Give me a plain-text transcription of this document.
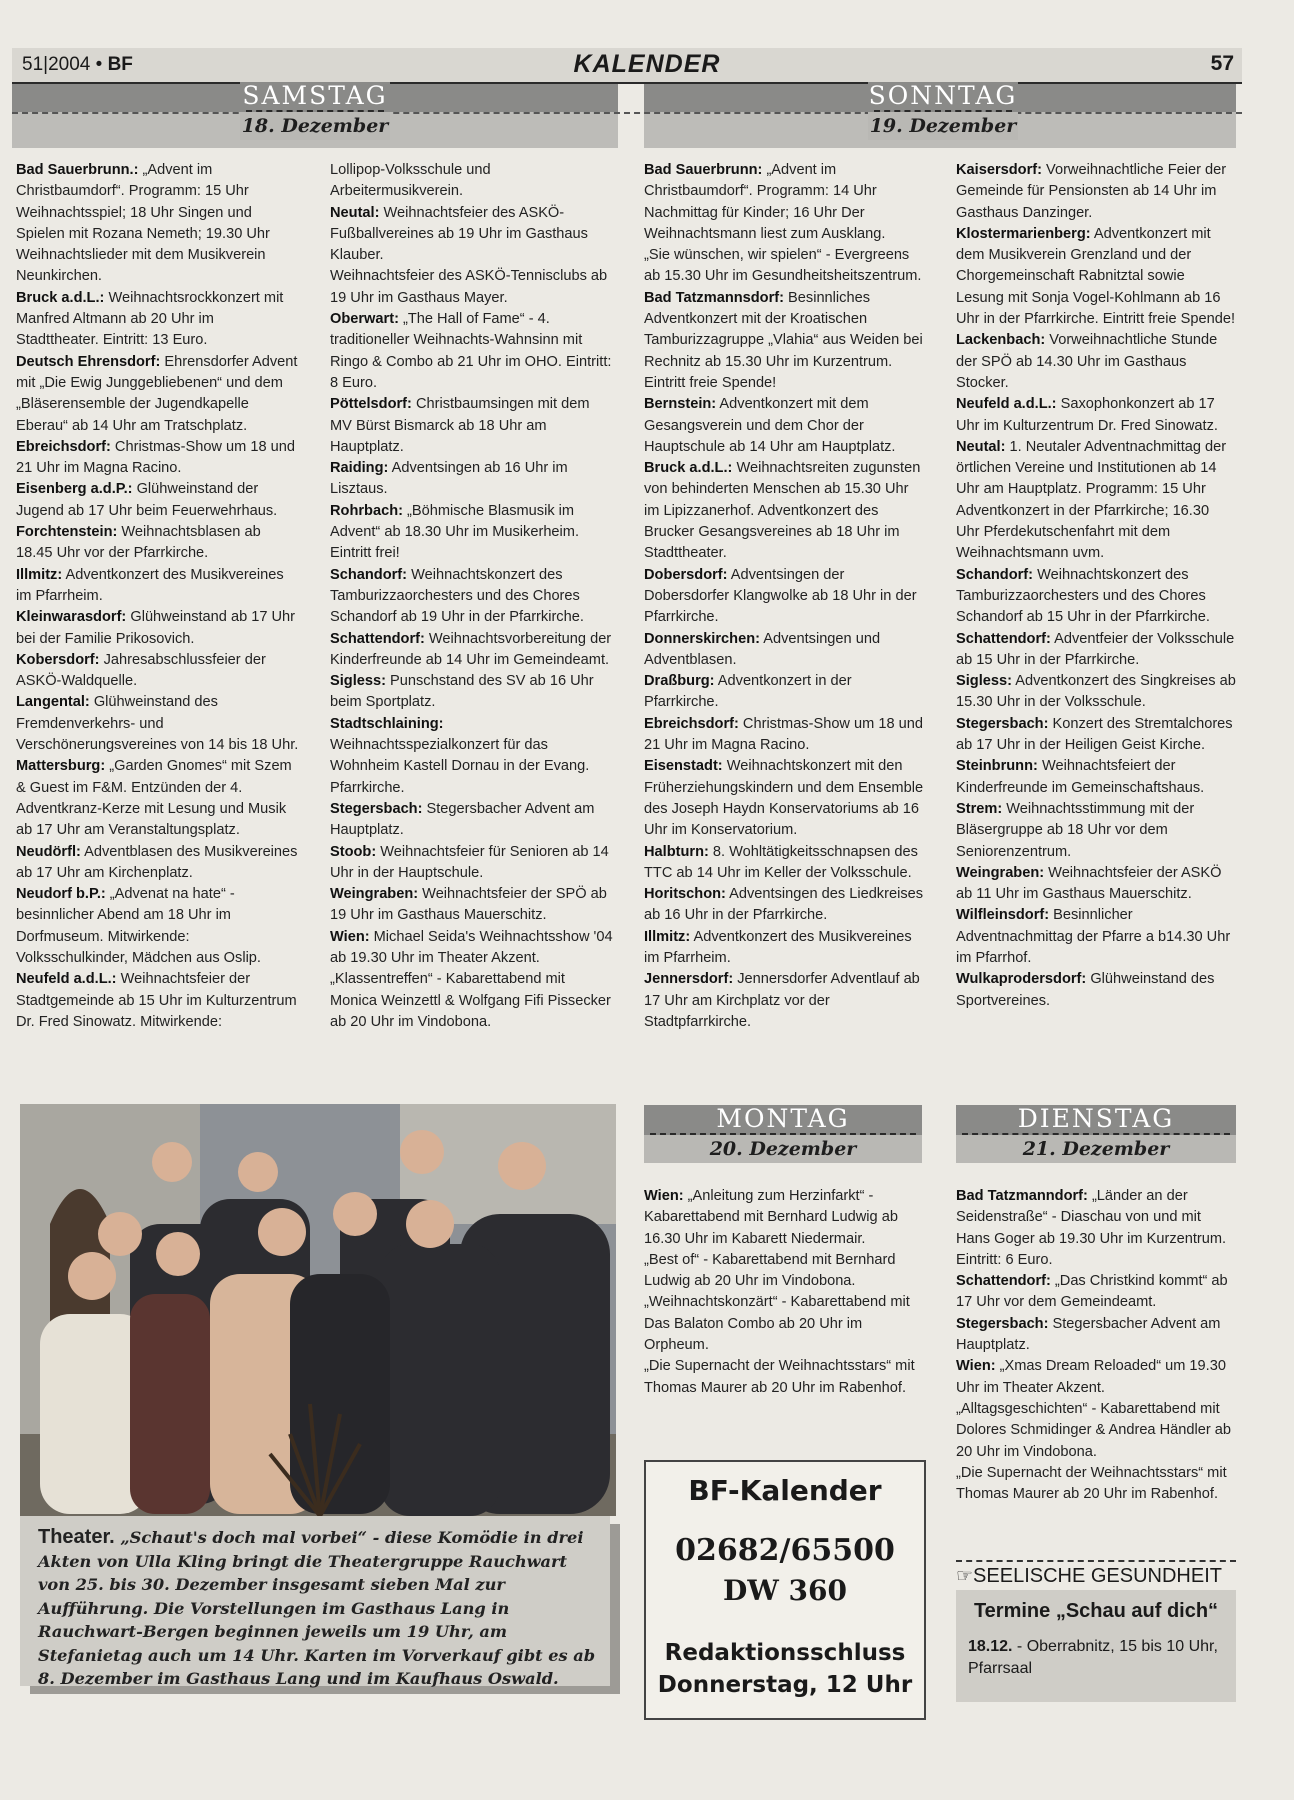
51|2004 • BF	KALENDER	57
SAMSTAG
18. Dezember
SONNTAG
19. Dezember
MONTAG
20. Dezember
DIENSTAG
21. Dezember

Bad Sauerbrunn.: „Advent im Christbaumdorf“. Programm: 15 Uhr Weihnachtsspiel; 18 Uhr Singen und Spielen mit Rozana Nemeth; 19.30 Uhr Weihnachtslieder mit dem Musikverein Neunkirchen.

Bruck a.d.L.: Weihnachtsrockkonzert mit Manfred Altmann ab 20 Uhr im Stadttheater. Eintritt: 13 Euro.

Deutsch Ehrensdorf: Ehrensdorfer Advent mit „Die Ewig Junggebliebenen“ und dem „Bläserensemble der Jugendkapelle Eberau“ ab 14 Uhr am Tratschplatz.

Ebreichsdorf: Christmas-Show um 18 und 21 Uhr im Magna Racino.

Eisenberg a.d.P.: Glühweinstand der Jugend ab 17 Uhr beim Feuerwehrhaus.

Forchtenstein: Weihnachtsblasen ab 18.45 Uhr vor der Pfarrkirche.

Illmitz: Adventkonzert des Musikvereines im Pfarrheim.

Kleinwarasdorf: Glühweinstand ab 17 Uhr bei der Familie Prikosovich.

Kobersdorf: Jahresabschlussfeier der ASKÖ-Waldquelle.

Langental: Glühweinstand des Fremdenverkehrs- und Verschönerungsvereines von 14 bis 18 Uhr.

Mattersburg: „Garden Gnomes“ mit Szem & Guest im F&M. Entzünden der 4. Adventkranz-Kerze mit Lesung und Musik ab 17 Uhr am Veranstaltungsplatz.

Neudörfl: Adventblasen des Musikvereines ab 17 Uhr am Kirchenplatz.

Neudorf b.P.: „Advenat na hate“ - besinnlicher Abend am 18 Uhr im Dorfmuseum. Mitwirkende: Volksschulkinder, Mädchen aus Oslip.

Neufeld a.d.L.: Weihnachtsfeier der Stadtgemeinde ab 15 Uhr im Kulturzentrum Dr. Fred Sinowatz. Mitwirkende:

Lollipop-Volksschule und Arbeitermusikverein.

Neutal: Weihnachtsfeier des ASKÖ-Fußballvereines ab 19 Uhr im Gasthaus Klauber.

Weihnachtsfeier des ASKÖ-Tennisclubs ab 19 Uhr im Gasthaus Mayer.

Oberwart: „The Hall of Fame“ - 4. traditioneller Weihnachts-Wahnsinn mit Ringo & Combo ab 21 Uhr im OHO. Eintritt: 8 Euro.

Pöttelsdorf: Christbaumsingen mit dem MV Bürst Bismarck ab 18 Uhr am Hauptplatz.

Raiding: Adventsingen ab 16 Uhr im Lisztaus.

Rohrbach: „Böhmische Blasmusik im Advent“ ab 18.30 Uhr im Musikerheim. Eintritt frei!

Schandorf: Weihnachtskonzert des Tamburizzaorchesters und des Chores Schandorf ab 19 Uhr in der Pfarrkirche.

Schattendorf: Weihnachtsvorbereitung der Kinderfreunde ab 14 Uhr im Gemeindeamt.

Sigless: Punschstand des SV ab 16 Uhr beim Sportplatz.

Stadtschlaining: Weihnachtsspezialkonzert für das Wohnheim Kastell Dornau in der Evang. Pfarrkirche.

Stegersbach: Stegersbacher Advent am Hauptplatz.

Stoob: Weihnachtsfeier für Senioren ab 14 Uhr in der Hauptschule.

Weingraben: Weihnachtsfeier der SPÖ ab 19 Uhr im Gasthaus Mauerschitz.

Wien: Michael Seida's Weihnachtsshow '04 ab 19.30 Uhr im Theater Akzent.

„Klassentreffen“ - Kabarettabend mit Monica Weinzettl & Wolfgang Fifi Pissecker ab 20 Uhr im Vindobona.

Bad Sauerbrunn: „Advent im Christbaumdorf“. Programm: 14 Uhr Nachmittag für Kinder; 16 Uhr Der Weihnachtsmann liest zum Ausklang.

„Sie wünschen, wir spielen“ - Evergreens ab 15.30 Uhr im Gesundheitsheitszentrum.

Bad Tatzmannsdorf: Besinnliches Adventkonzert mit der Kroatischen Tamburizzagruppe „Vlahia“ aus Weiden bei Rechnitz ab 15.30 Uhr im Kurzentrum. Eintritt freie Spende!

Bernstein: Adventkonzert mit dem Gesangsverein und dem Chor der Hauptschule ab 14 Uhr am Hauptplatz.

Bruck a.d.L.: Weihnachtsreiten zugunsten von behinderten Menschen ab 15.30 Uhr im Lipizzanerhof. Adventkonzert des Brucker Gesangsvereines ab 18 Uhr im Stadttheater.

Dobersdorf: Adventsingen der Dobersdorfer Klangwolke ab 18 Uhr in der Pfarrkirche.

Donnerskirchen: Adventsingen und Adventblasen.

Draßburg: Adventkonzert in der Pfarrkirche.

Ebreichsdorf: Christmas-Show um 18 und 21 Uhr im Magna Racino.

Eisenstadt: Weihnachtskonzert mit den Früherziehungskindern und dem Ensemble des Joseph Haydn Konservatoriums ab 16 Uhr im Konservatorium.

Halbturn: 8. Wohltätigkeitsschnapsen des TTC ab 14 Uhr im Keller der Volksschule.

Horitschon: Adventsingen des Liedkreises ab 16 Uhr in der Pfarrkirche.

Illmitz: Adventkonzert des Musikvereines im Pfarrheim.

Jennersdorf: Jennersdorfer Adventlauf ab 17 Uhr am Kirchplatz vor der Stadtpfarrkirche.

Kaisersdorf: Vorweihnachtliche Feier der Gemeinde für Pensionsten ab 14 Uhr im Gasthaus Danzinger.

Klostermarienberg: Adventkonzert mit dem Musikverein Grenzland und der Chorgemeinschaft Rabnitztal sowie Lesung mit Sonja Vogel-Kohlmann ab 16 Uhr in der Pfarrkirche. Eintritt freie Spende!

Lackenbach: Vorweihnachtliche Stunde der SPÖ ab 14.30 Uhr im Gasthaus Stocker.

Neufeld a.d.L.: Saxophonkonzert ab 17 Uhr im Kulturzentrum Dr. Fred Sinowatz.

Neutal: 1. Neutaler Adventnachmittag der örtlichen Vereine und Institutionen ab 14 Uhr am Hauptplatz. Programm: 15 Uhr Adventkonzert in der Pfarrkirche; 16.30 Uhr Pferdekutschenfahrt mit dem Weihnachtsmann uvm.

Schandorf: Weihnachtskonzert des Tamburizzaorchesters und des Chores Schandorf ab 15 Uhr in der Pfarrkirche.

Schattendorf: Adventfeier der Volksschule ab 15 Uhr in der Pfarrkirche.

Sigless: Adventkonzert des Singkreises ab 15.30 Uhr in der Volksschule.

Stegersbach: Konzert des Stremtalchores ab 17 Uhr in der Heiligen Geist Kirche.

Steinbrunn: Weihnachtsfeiert der Kinderfreunde im Gemeinschaftshaus.

Strem: Weihnachtsstimmung mit der Bläsergruppe ab 18 Uhr vor dem Seniorenzentrum.

Weingraben: Weihnachtsfeier der ASKÖ ab 11 Uhr im Gasthaus Mauerschitz.

Wilfleinsdorf: Besinnlicher Adventnachmittag der Pfarre a b14.30 Uhr im Pfarrhof.

Wulkaprodersdorf: Glühweinstand des Sportvereines.

Wien: „Anleitung zum Herzinfarkt“ - Kabarettabend mit Bernhard Ludwig ab 16.30 Uhr im Kabarett Niedermair.

„Best of“ - Kabarettabend mit Bernhard Ludwig ab 20 Uhr im Vindobona.

„Weihnachtskonzärt“ - Kabarettabend mit Das Balaton Combo ab 20 Uhr im Orpheum.

„Die Supernacht der Weihnachtsstars“ mit Thomas Maurer ab 20 Uhr im Rabenhof.

Bad Tatzmanndorf: „Länder an der Seidenstraße“ - Diaschau von und mit Hans Goger ab 19.30 Uhr im Kurzentrum. Eintritt: 6 Euro.

Schattendorf: „Das Christkind kommt“ ab 17 Uhr vor dem Gemeindeamt.

Stegersbach: Stegersbacher Advent am Hauptplatz.

Wien: „Xmas Dream Reloaded“ um 19.30 Uhr im Theater Akzent.

„Alltagsgeschichten“ - Kabarettabend mit Dolores Schmidinger & Andrea Händler ab 20 Uhr im Vindobona.

„Die Supernacht der Weihnachtsstars“ mit Thomas Maurer ab 20 Uhr im Rabenhof.

Theater. „Schaut's doch mal vorbei“ - diese Komödie in drei Akten von Ulla Kling bringt die Theatergruppe Rauchwart von 25. bis 30. Dezember insgesamt sieben Mal zur Aufführung. Die Vorstellungen im Gasthaus Lang in Rauchwart-Bergen beginnen jeweils um 19 Uhr, am Stefanietag auch um 14 Uhr. Karten im Vorverkauf gibt es ab 8. Dezember im Gasthaus Lang und im Kaufhaus Oswald.
BF-Kalender
02682/65500
DW 360
Redaktionsschluss
Donnerstag, 12 Uhr
☞SEELISCHE GESUNDHEIT
Termine „Schau auf dich“
18.12. - Oberrabnitz, 15 bis 10 Uhr, Pfarrsaal
